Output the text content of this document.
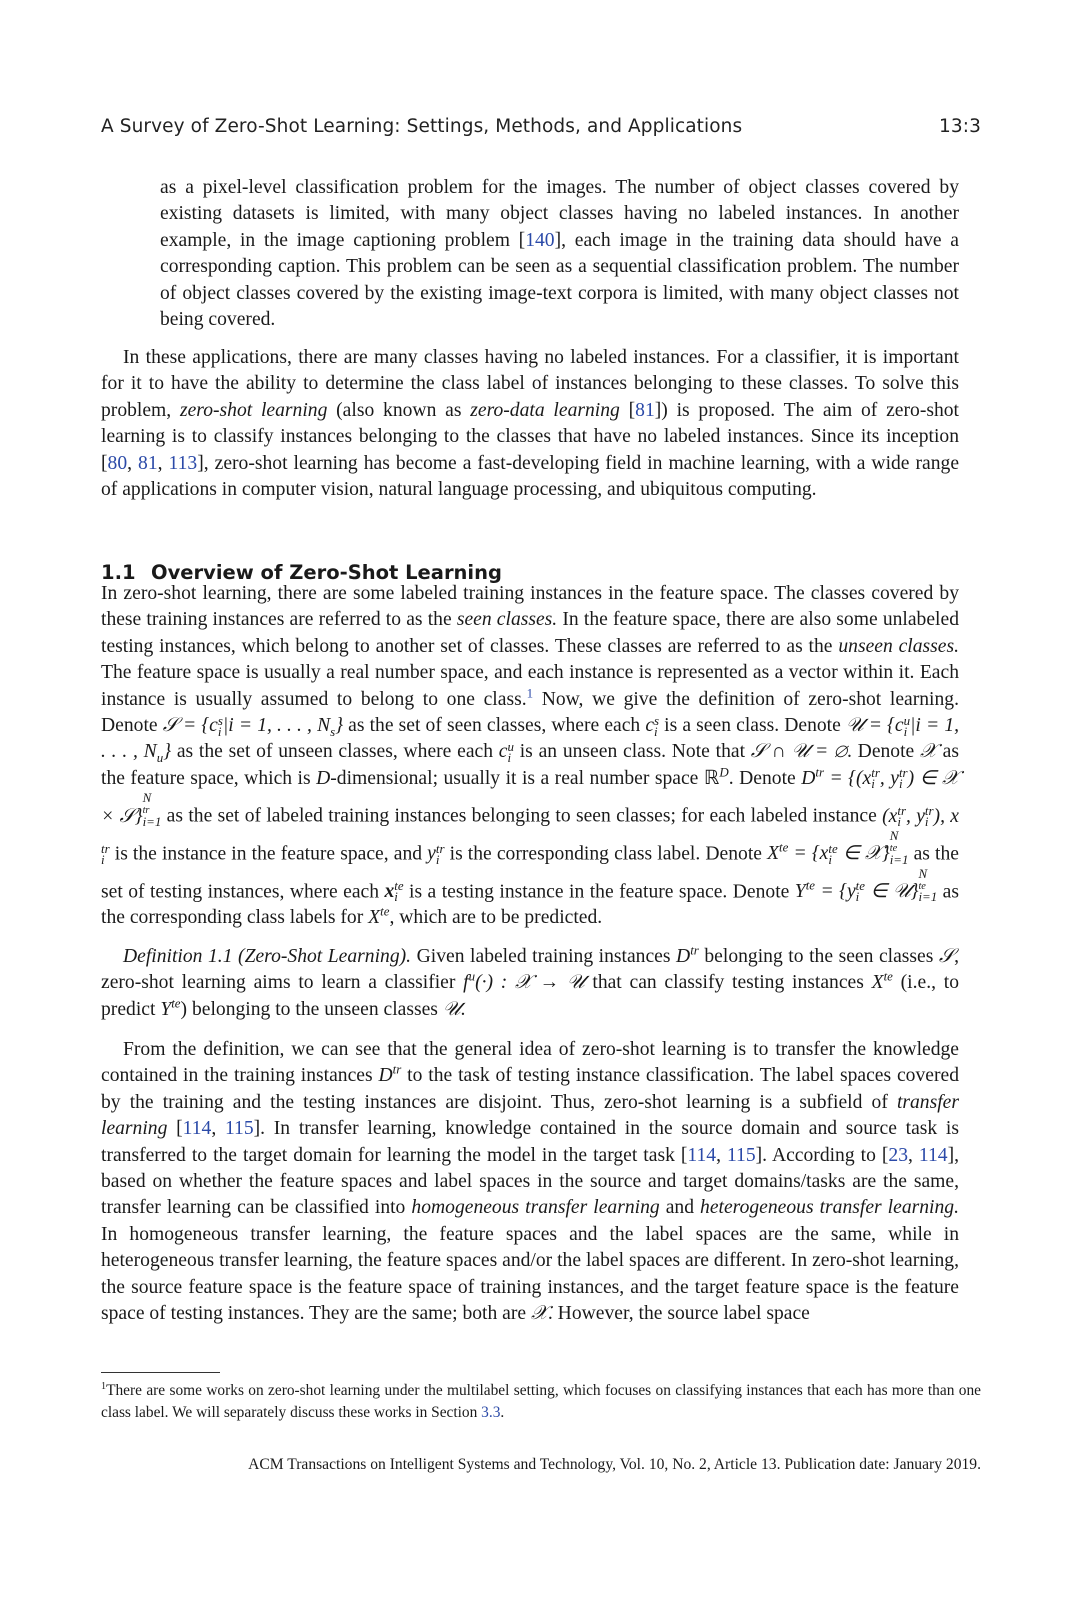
A Survey of Zero-Shot Learning: Settings, Methods, and Applications	13:3

as a pixel-level classification problem for the images. The number of object classes covered by existing datasets is limited, with many object classes having no labeled instances. In another example, in the image captioning problem [140], each image in the training data should have a corresponding caption. This problem can be seen as a sequential classification problem. The number of object classes covered by the existing image-text corpora is limited, with many object classes not being covered.

In these applications, there are many classes having no labeled instances. For a classifier, it is important for it to have the ability to determine the class label of instances belonging to these classes. To solve this problem, zero-shot learning (also known as zero-data learning [81]) is proposed. The aim of zero-shot learning is to classify instances belonging to the classes that have no labeled instances. Since its inception [80, 81, 113], zero-shot learning has become a fast-developing field in machine learning, with a wide range of applications in computer vision, natural language processing, and ubiquitous computing.

1.1 Overview of Zero-Shot Learning

In zero-shot learning, there are some labeled training instances in the feature space. The classes covered by these training instances are referred to as the seen classes. In the feature space, there are also some unlabeled testing instances, which belong to another set of classes. These classes are referred to as the unseen classes. The feature space is usually a real number space, and each instance is represented as a vector within it. Each instance is usually assumed to belong to one class.$^1$ Now, we give the definition of zero-shot learning. Denote 𝒮 = {c s
i |i = 1, . . . , $N_s$} as the set of seen classes, where each c s
i is a seen class. Denote 𝒰 = {c u
i |i = 1, . . . , $N_u$} as the set of unseen classes, where each c u
i is an unseen class. Note that 𝒮 ∩ 𝒰 = ∅. Denote 𝒳 as the feature space, which is D-dimensional; usually it is a real number space ℝ$^D$. Denote $D^{tr} = \{(x$ tr
i , y tr
i ) ∈ 𝒳 × 𝒮}
N
tr
i=1 as the set of labeled training instances belonging to seen classes; for each labeled instance (x tr
i , y tr
i ), x
tr
i is the instance in the feature space, and y tr
i is the corresponding class label. Denote $X^{te} = \{x$ te
i ∈ 𝒳}
N
te
i=1 as the set of testing instances, where each x te
i is a testing instance in the feature space. Denote $Y^{te} = \{y$ te
i ∈ 𝒰}
N
te
i=1 as the corresponding class labels for $X^{te}$, which are to be predicted.

Definition 1.1 (Zero-Shot Learning). Given labeled training instances $D^{tr}$ belonging to the seen classes 𝒮, zero-shot learning aims to learn a classifier $f^u(\cdot)$ : 𝒳 → 𝒰 that can classify testing instances $X^{te}$ (i.e., to predict $Y^{te}$) belonging to the unseen classes 𝒰.

From the definition, we can see that the general idea of zero-shot learning is to transfer the knowledge contained in the training instances $D^{tr}$ to the task of testing instance classification. The label spaces covered by the training and the testing instances are disjoint. Thus, zero-shot learning is a subfield of transfer learning [114, 115]. In transfer learning, knowledge contained in the source domain and source task is transferred to the target domain for learning the model in the target task [114, 115]. According to [23, 114], based on whether the feature spaces and label spaces in the source and target domains/tasks are the same, transfer learning can be classified into homogeneous transfer learning and heterogeneous transfer learning. In homogeneous transfer learning, the feature spaces and the label spaces are the same, while in heterogeneous transfer learning, the feature spaces and/or the label spaces are different. In zero-shot learning, the source feature space is the feature space of training instances, and the target feature space is the feature space of testing instances. They are the same; both are 𝒳. However, the source label space

$^1$There are some works on zero-shot learning under the multilabel setting, which focuses on classifying instances that each has more than one class label. We will separately discuss these works in Section 3.3.
ACM Transactions on Intelligent Systems and Technology, Vol. 10, No. 2, Article 13. Publication date: January 2019.
